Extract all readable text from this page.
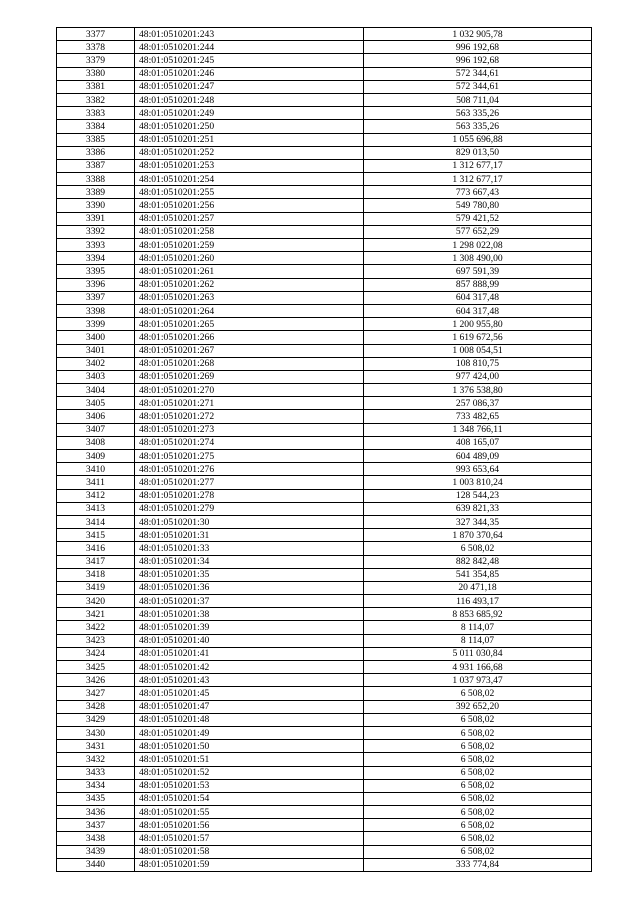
3377	48:01:0510201:243	1 032 905,78
3378	48:01:0510201:244	996 192,68
3379	48:01:0510201:245	996 192,68
3380	48:01:0510201:246	572 344,61
3381	48:01:0510201:247	572 344,61
3382	48:01:0510201:248	508 711,04
3383	48:01:0510201:249	563 335,26
3384	48:01:0510201:250	563 335,26
3385	48:01:0510201:251	1 055 696,88
3386	48:01:0510201:252	829 013,50
3387	48:01:0510201:253	1 312 677,17
3388	48:01:0510201:254	1 312 677,17
3389	48:01:0510201:255	773 667,43
3390	48:01:0510201:256	549 780,80
3391	48:01:0510201:257	579 421,52
3392	48:01:0510201:258	577 652,29
3393	48:01:0510201:259	1 298 022,08
3394	48:01:0510201:260	1 308 490,00
3395	48:01:0510201:261	697 591,39
3396	48:01:0510201:262	857 888,99
3397	48:01:0510201:263	604 317,48
3398	48:01:0510201:264	604 317,48
3399	48:01:0510201:265	1 200 955,80
3400	48:01:0510201:266	1 619 672,56
3401	48:01:0510201:267	1 008 054,51
3402	48:01:0510201:268	108 810,75
3403	48:01:0510201:269	977 424,00
3404	48:01:0510201:270	1 376 538,80
3405	48:01:0510201:271	257 086,37
3406	48:01:0510201:272	733 482,65
3407	48:01:0510201:273	1 348 766,11
3408	48:01:0510201:274	408 165,07
3409	48:01:0510201:275	604 489,09
3410	48:01:0510201:276	993 653,64
3411	48:01:0510201:277	1 003 810,24
3412	48:01:0510201:278	128 544,23
3413	48:01:0510201:279	639 821,33
3414	48:01:0510201:30	327 344,35
3415	48:01:0510201:31	1 870 370,64
3416	48:01:0510201:33	6 508,02
3417	48:01:0510201:34	882 842,48
3418	48:01:0510201:35	541 354,85
3419	48:01:0510201:36	20 471,18
3420	48:01:0510201:37	116 493,17
3421	48:01:0510201:38	8 853 685,92
3422	48:01:0510201:39	8 114,07
3423	48:01:0510201:40	8 114,07
3424	48:01:0510201:41	5 011 030,84
3425	48:01:0510201:42	4 931 166,68
3426	48:01:0510201:43	1 037 973,47
3427	48:01:0510201:45	6 508,02
3428	48:01:0510201:47	392 652,20
3429	48:01:0510201:48	6 508,02
3430	48:01:0510201:49	6 508,02
3431	48:01:0510201:50	6 508,02
3432	48:01:0510201:51	6 508,02
3433	48:01:0510201:52	6 508,02
3434	48:01:0510201:53	6 508,02
3435	48:01:0510201:54	6 508,02
3436	48:01:0510201:55	6 508,02
3437	48:01:0510201:56	6 508,02
3438	48:01:0510201:57	6 508,02
3439	48:01:0510201:58	6 508,02
3440	48:01:0510201:59	333 774,84
